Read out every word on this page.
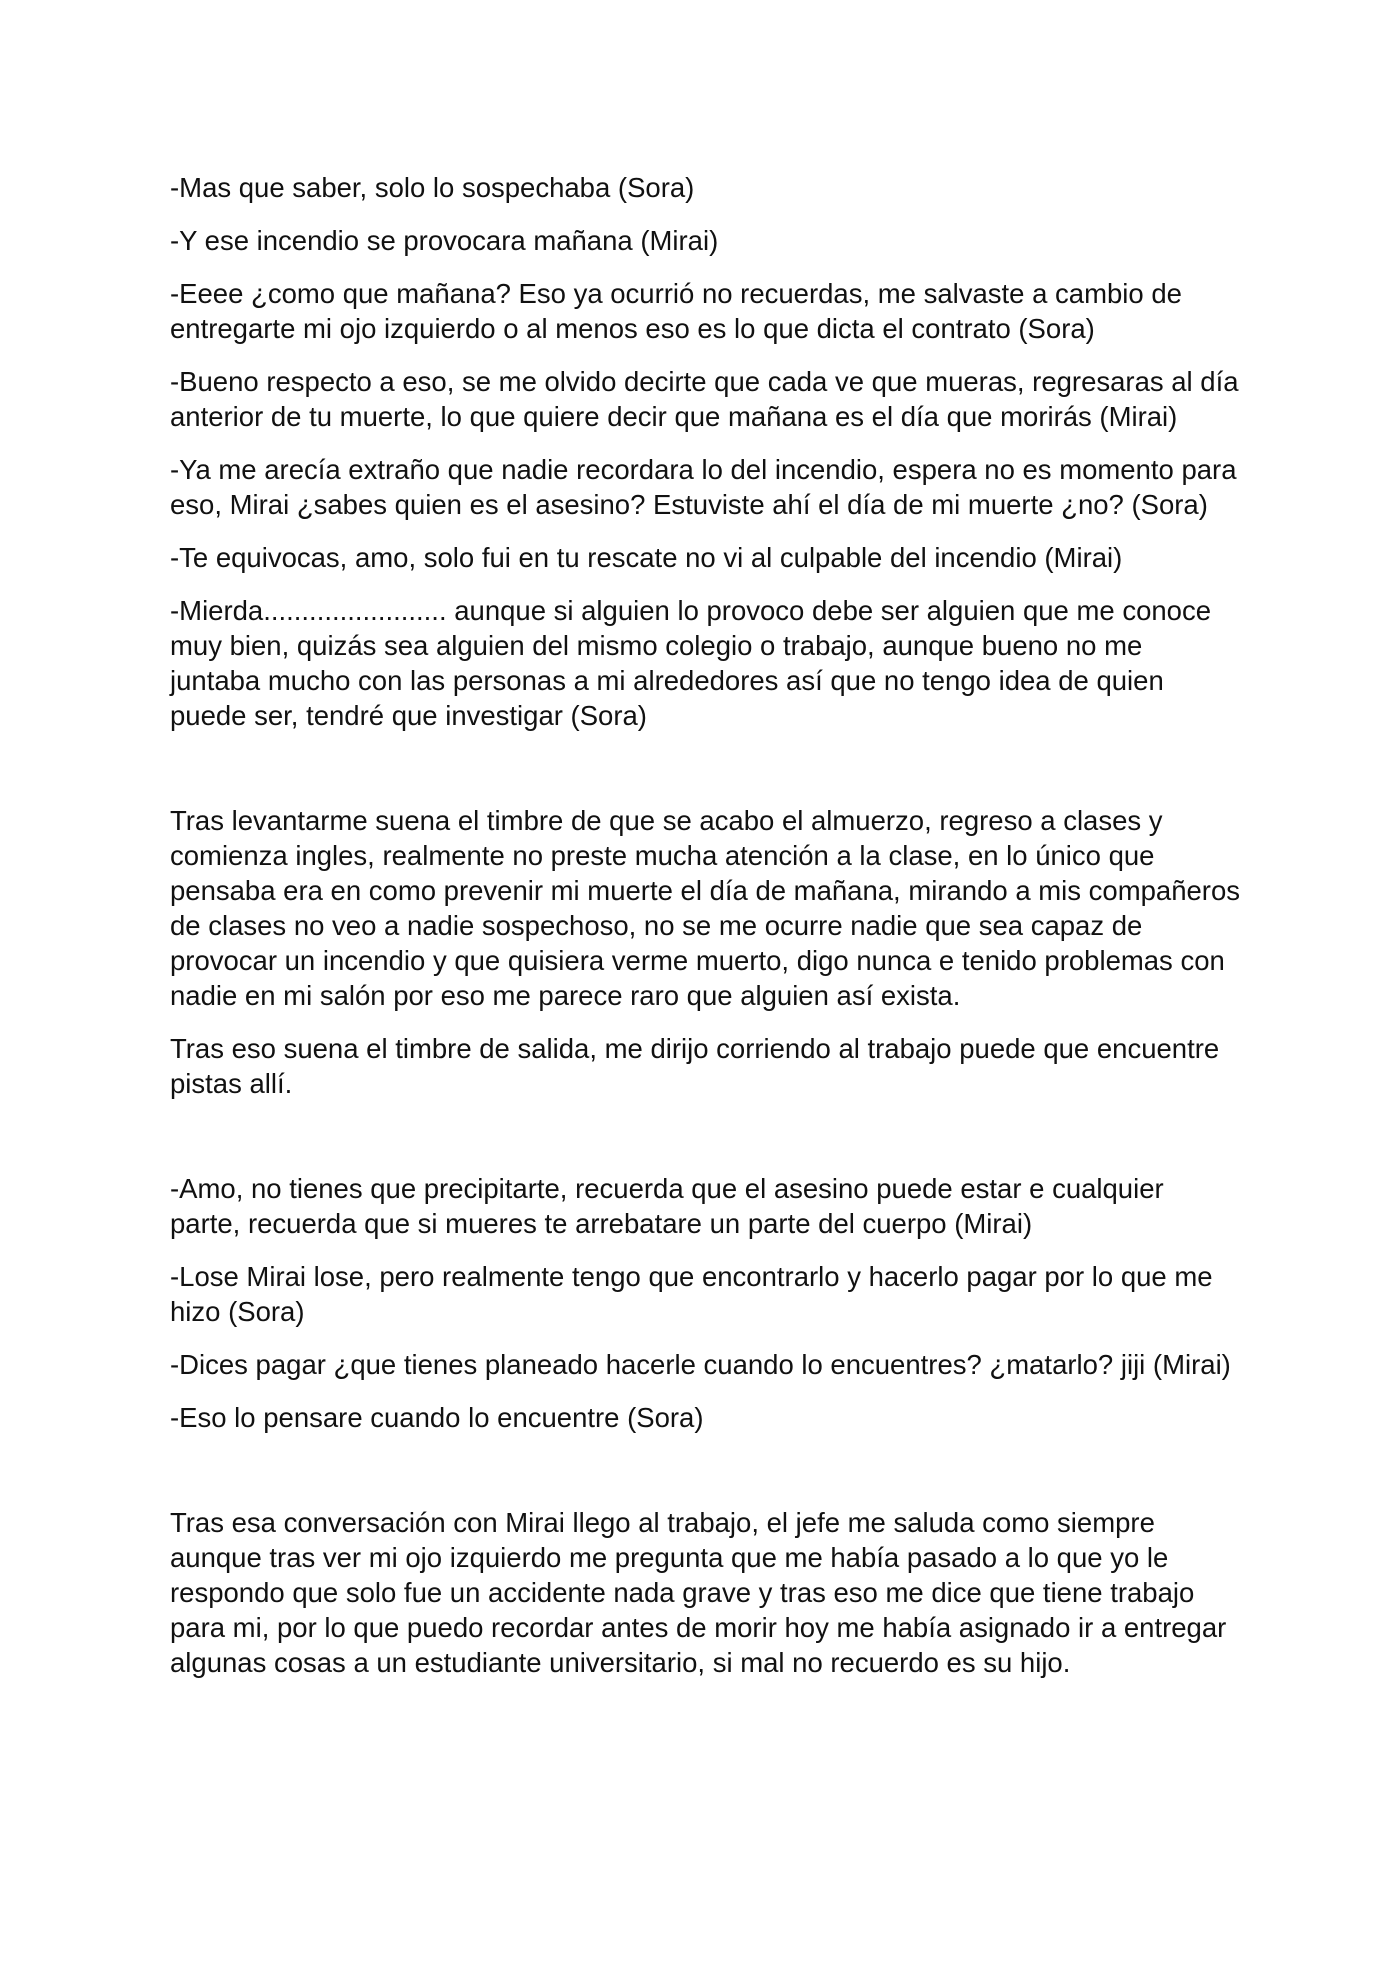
-Mas que saber, solo lo sospechaba (Sora)

-Y ese incendio se provocara mañana (Mirai)

-Eeee ¿como que mañana? Eso ya ocurrió no recuerdas, me salvaste a cambio de entregarte mi ojo izquierdo o al menos eso es lo que dicta el contrato (Sora)

-Bueno respecto a eso, se me olvido decirte que cada ve que mueras, regresaras al día anterior de tu muerte, lo que quiere decir que mañana es el día que morirás (Mirai)

-Ya me arecía extraño que nadie recordara lo del incendio, espera no es momento para eso, Mirai ¿sabes quien es el asesino? Estuviste ahí el día de mi muerte ¿no? (Sora)

-Te equivocas, amo, solo fui en tu rescate no vi al culpable del incendio (Mirai)

-Mierda........................ aunque si alguien lo provoco debe ser alguien que me conoce muy bien, quizás sea alguien del mismo colegio o trabajo, aunque bueno no me juntaba mucho con las personas a mi alrededores así que no tengo idea de quien puede ser, tendré que investigar (Sora)

Tras levantarme suena el timbre de que se acabo el almuerzo, regreso a clases y comienza ingles, realmente no preste mucha atención a la clase, en lo único que pensaba era en como prevenir mi muerte el día de mañana, mirando a mis compañeros de clases no veo a nadie sospechoso, no se me ocurre nadie que sea capaz de provocar un incendio y que quisiera verme muerto, digo nunca e tenido problemas con nadie en mi salón por eso me parece raro que alguien así exista.

Tras eso suena el timbre de salida, me dirijo corriendo al trabajo puede que encuentre pistas allí.

-Amo, no tienes que precipitarte, recuerda que el asesino puede estar e cualquier parte, recuerda que si mueres te arrebatare un parte del cuerpo (Mirai)

-Lose Mirai lose, pero realmente tengo que encontrarlo y hacerlo pagar por lo que me hizo (Sora)

-Dices pagar ¿que tienes planeado hacerle cuando lo encuentres? ¿matarlo? jiji (Mirai)

-Eso lo pensare cuando lo encuentre (Sora)

Tras esa conversación con Mirai llego al trabajo, el jefe me saluda como siempre aunque tras ver mi ojo izquierdo me pregunta que me había pasado a lo que yo le respondo que solo fue un accidente nada grave y tras eso me dice que tiene trabajo para mi, por lo que puedo recordar antes de morir hoy me había asignado ir a entregar algunas cosas a un estudiante universitario, si mal no recuerdo es su hijo.
